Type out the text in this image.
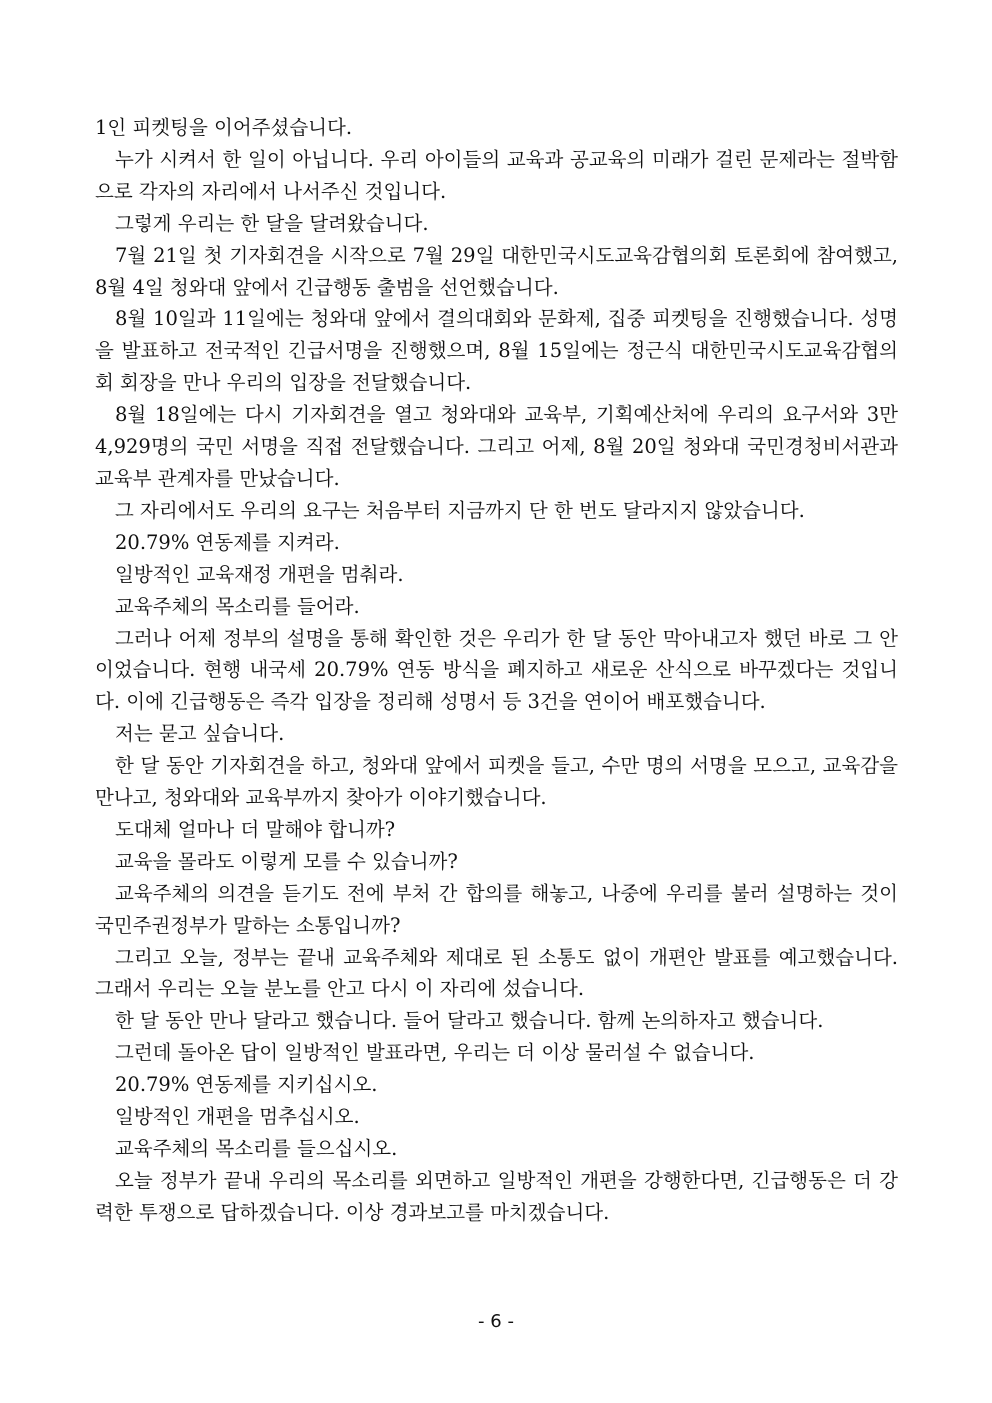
1인 피켓팅을 이어주셨습니다.

누가 시켜서 한 일이 아닙니다. 우리 아이들의 교육과 공교육의 미래가 걸린 문제라는 절박함으로 각자의 자리에서 나서주신 것입니다.

그렇게 우리는 한 달을 달려왔습니다.

7월 21일 첫 기자회견을 시작으로 7월 29일 대한민국시도교육감협의회 토론회에 참여했고, 8월 4일 청와대 앞에서 긴급행동 출범을 선언했습니다.

8월 10일과 11일에는 청와대 앞에서 결의대회와 문화제, 집중 피켓팅을 진행했습니다. 성명을 발표하고 전국적인 긴급서명을 진행했으며, 8월 15일에는 정근식 대한민국시도교육감협의회 회장을 만나 우리의 입장을 전달했습니다.

8월 18일에는 다시 기자회견을 열고 청와대와 교육부, 기획예산처에 우리의 요구서와 3만 4,929명의 국민 서명을 직접 전달했습니다. 그리고 어제, 8월 20일 청와대 국민경청비서관과 교육부 관계자를 만났습니다.

그 자리에서도 우리의 요구는 처음부터 지금까지 단 한 번도 달라지지 않았습니다.

20.79% 연동제를 지켜라.

일방적인 교육재정 개편을 멈춰라.

교육주체의 목소리를 들어라.

그러나 어제 정부의 설명을 통해 확인한 것은 우리가 한 달 동안 막아내고자 했던 바로 그 안이었습니다. 현행 내국세 20.79% 연동 방식을 폐지하고 새로운 산식으로 바꾸겠다는 것입니다. 이에 긴급행동은 즉각 입장을 정리해 성명서 등 3건을 연이어 배포했습니다.

저는 묻고 싶습니다.

한 달 동안 기자회견을 하고, 청와대 앞에서 피켓을 들고, 수만 명의 서명을 모으고, 교육감을 만나고, 청와대와 교육부까지 찾아가 이야기했습니다.

도대체 얼마나 더 말해야 합니까?

교육을 몰라도 이렇게 모를 수 있습니까?

교육주체의 의견을 듣기도 전에 부처 간 합의를 해놓고, 나중에 우리를 불러 설명하는 것이 국민주권정부가 말하는 소통입니까?

그리고 오늘, 정부는 끝내 교육주체와 제대로 된 소통도 없이 개편안 발표를 예고했습니다. 그래서 우리는 오늘 분노를 안고 다시 이 자리에 섰습니다.

한 달 동안 만나 달라고 했습니다. 들어 달라고 했습니다. 함께 논의하자고 했습니다.

그런데 돌아온 답이 일방적인 발표라면, 우리는 더 이상 물러설 수 없습니다.

20.79% 연동제를 지키십시오.

일방적인 개편을 멈추십시오.

교육주체의 목소리를 들으십시오.

오늘 정부가 끝내 우리의 목소리를 외면하고 일방적인 개편을 강행한다면, 긴급행동은 더 강력한 투쟁으로 답하겠습니다. 이상 경과보고를 마치겠습니다.

- 6 -
